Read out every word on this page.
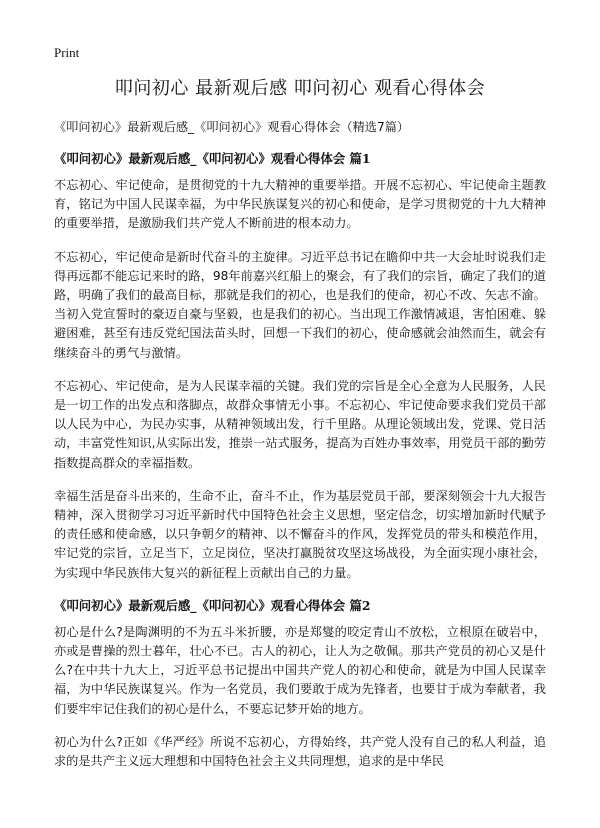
Print
叩问初心 最新观后感 叩问初心 观看心得体会
《叩问初心》最新观后感_《叩问初心》观看心得体会（精选7篇）
《叩问初心》最新观后感_《叩问初心》观看心得体会 篇1

不忘初心、牢记使命，是贯彻党的十九大精神的重要举措。开展不忘初心、牢记使命主题教育，铭记为中国人民谋幸福，为中华民族谋复兴的初心和使命，是学习贯彻党的十九大精神的重要举措，是激励我们共产党人不断前进的根本动力。

不忘初心，牢记使命是新时代奋斗的主旋律。习近平总书记在瞻仰中共一大会址时说我们走得再远都不能忘记来时的路，98年前嘉兴红船上的聚会，有了我们的宗旨，确定了我们的道路，明确了我们的最高目标，那就是我们的初心，也是我们的使命，初心不改、矢志不渝。当初入党宣誓时的豪迈自豪与坚毅，也是我们的初心。当出现工作激情减退，害怕困难、躲避困难，甚至有违反党纪国法苗头时，回想一下我们的初心，使命感就会油然而生，就会有继续奋斗的勇气与激情。

不忘初心、牢记使命，是为人民谋幸福的关键。我们党的宗旨是全心全意为人民服务，人民是一切工作的出发点和落脚点，故群众事情无小事。不忘初心、牢记使命要求我们党员干部以人民为中心，为民办实事，从精神领域出发，行千里路。从理论领域出发，党课、党日活动，丰富党性知识,从实际出发，推崇一站式服务，提高为百姓办事效率，用党员干部的勤劳指数提高群众的幸福指数。

幸福生活是奋斗出来的，生命不止，奋斗不止，作为基层党员干部，要深刻领会十九大报告精神，深入贯彻学习习近平新时代中国特色社会主义思想，坚定信念，切实增加新时代赋予的责任感和使命感，以只争朝夕的精神、以不懈奋斗的作风，发挥党员的带头和模范作用，牢记党的宗旨，立足当下，立足岗位，坚决打赢脱贫攻坚这场战役，为全面实现小康社会，为实现中华民族伟大复兴的新征程上贡献出自己的力量。

《叩问初心》最新观后感_《叩问初心》观看心得体会 篇2

初心是什么?是陶渊明的不为五斗米折腰，亦是郑燮的咬定青山不放松，立根原在破岩中，亦或是曹操的烈士暮年，壮心不已。古人的初心，让人为之敬佩。那共产党员的初心又是什么?在中共十九大上，习近平总书记提出中国共产党人的初心和使命，就是为中国人民谋幸福，为中华民族谋复兴。作为一名党员，我们要敢于成为先锋者，也要甘于成为奉献者，我们要牢牢记住我们的初心是什么，不要忘记梦开始的地方。

初心为什么?正如《华严经》所说不忘初心，方得始终，共产党人没有自己的私人利益，追求的是共产主义远大理想和中国特色社会主义共同理想，追求的是中华民
